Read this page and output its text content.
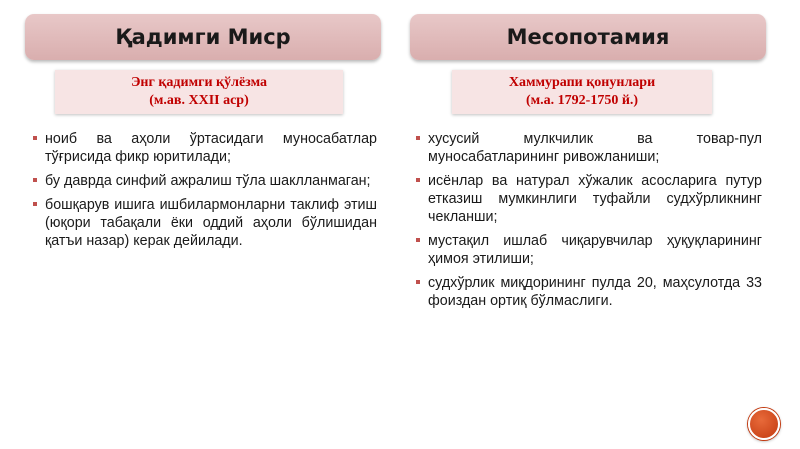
Қадимги Миср
Энг қадимги қўлёзма
(м.ав. XXII аср)
ноиб ва аҳоли ўртасидаги муносабатлар тўғрисида фикр юритилади;
бу даврда синфий ажралиш тўла шаклланмаган;
бошқарув ишига ишбилармонларни таклиф этиш (юқори табақали ёки оддий аҳоли бўлишидан қатъи назар) керак дейилади.
Месопотамия
Хаммурапи қонунлари
(м.а. 1792-1750 й.)
хусусий мулкчилик ва товар-пул муносабатларининг ривожланиши;
исёнлар ва натурал хўжалик асосларига путур етказиш мумкинлиги туфайли судхўрликнинг чекланши;
мустақил ишлаб чиқарувчилар ҳуқуқларининг ҳимоя этилиши;
судхўрлик миқдорининг пулда 20, маҳсулотда 33 фоиздан ортиқ бўлмаслиги.
